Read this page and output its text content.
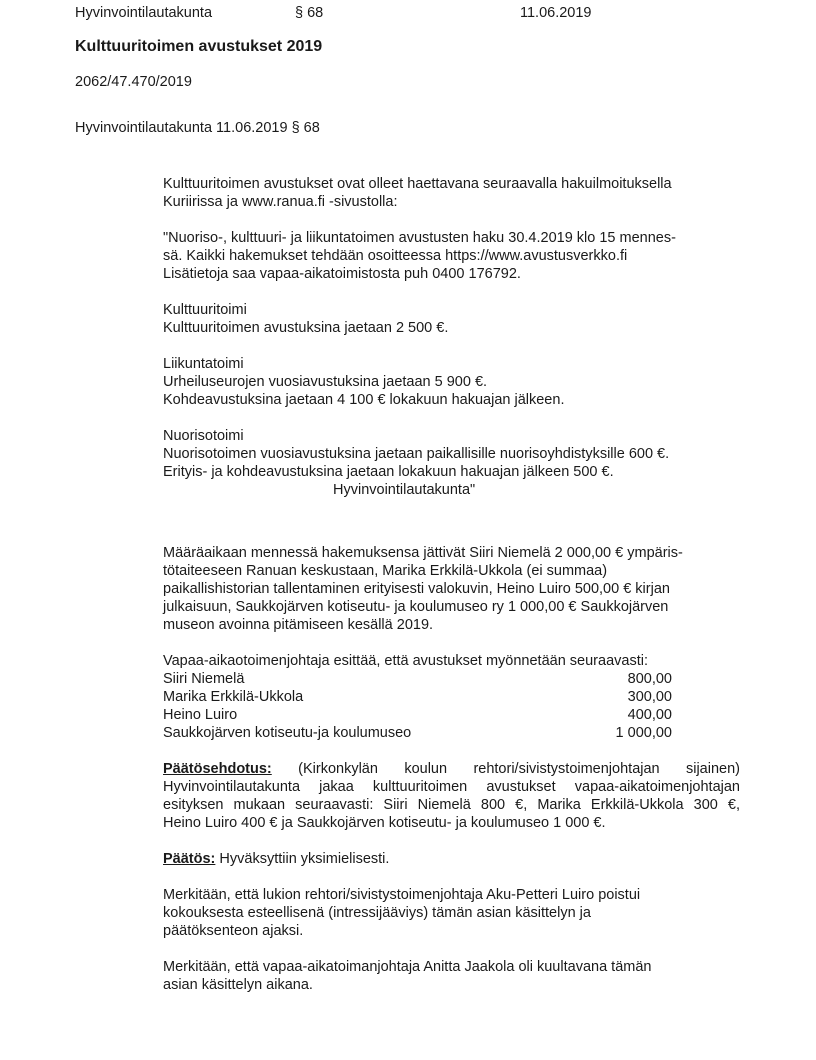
Hyvinvointilautakunta	§ 68	11.06.2019
Kulttuuritoimen avustukset 2019
2062/47.470/2019
Hyvinvointilautakunta 11.06.2019 § 68
Kulttuuritoimen avustukset ovat olleet haettavana seuraavalla hakuilmoituksella
Kuriirissa ja www.ranua.fi -sivustolla:
"Nuoriso-, kulttuuri- ja liikuntatoimen avustusten haku 30.4.2019 klo 15 mennes-
sä. Kaikki hakemukset tehdään osoitteessa https://www.avustusverkko.fi
Lisätietoja saa vapaa-aikatoimistosta puh 0400 176792.
Kulttuuritoimi
Kulttuuritoimen avustuksina jaetaan 2 500 €.
Liikuntatoimi
Urheiluseurojen vuosiavustuksina jaetaan 5 900 €.
Kohdeavustuksina jaetaan 4 100 € lokakuun hakuajan jälkeen.
Nuorisotoimi
Nuorisotoimen vuosiavustuksina jaetaan paikallisille nuorisoyhdistyksille 600 €.
Erityis- ja kohdeavustuksina jaetaan lokakuun hakuajan jälkeen 500 €.
Hyvinvointilautakunta"
Määräaikaan mennessä hakemuksensa jättivät Siiri Niemelä 2 000,00 € ympäris-
tötaiteeseen Ranuan keskustaan, Marika Erkkilä-Ukkola (ei summaa)
paikallishistorian tallentaminen erityisesti valokuvin, Heino Luiro 500,00 € kirjan
julkaisuun, Saukkojärven kotiseutu- ja koulumuseo ry 1 000,00 € Saukkojärven
museon avoinna pitämiseen kesällä 2019.
Vapaa-aikaotoimenjohtaja esittää, että avustukset myönnetään seuraavasti:
Siiri Niemelä	800,00
Marika Erkkilä-Ukkola	300,00
Heino Luiro	400,00
Saukkojärven kotiseutu-ja koulumuseo	1 000,00
Päätösehdotus: (Kirkonkylän koulun rehtori/sivistystoimenjohtajan sijainen)
Hyvinvointilautakunta jakaa kulttuuritoimen avustukset vapaa-aikatoimenjohtajan
esityksen mukaan seuraavasti: Siiri Niemelä 800 €, Marika Erkkilä-Ukkola 300 €,
Heino Luiro 400 € ja Saukkojärven kotiseutu- ja koulumuseo 1 000 €.
Päätös: Hyväksyttiin yksimielisesti.
Merkitään, että lukion rehtori/sivistystoimenjohtaja Aku-Petteri Luiro poistui
kokouksesta esteellisenä (intressijääviys) tämän asian käsittelyn ja
päätöksenteon ajaksi.
Merkitään, että vapaa-aikatoimanjohtaja Anitta Jaakola oli kuultavana tämän
asian käsittelyn aikana.
